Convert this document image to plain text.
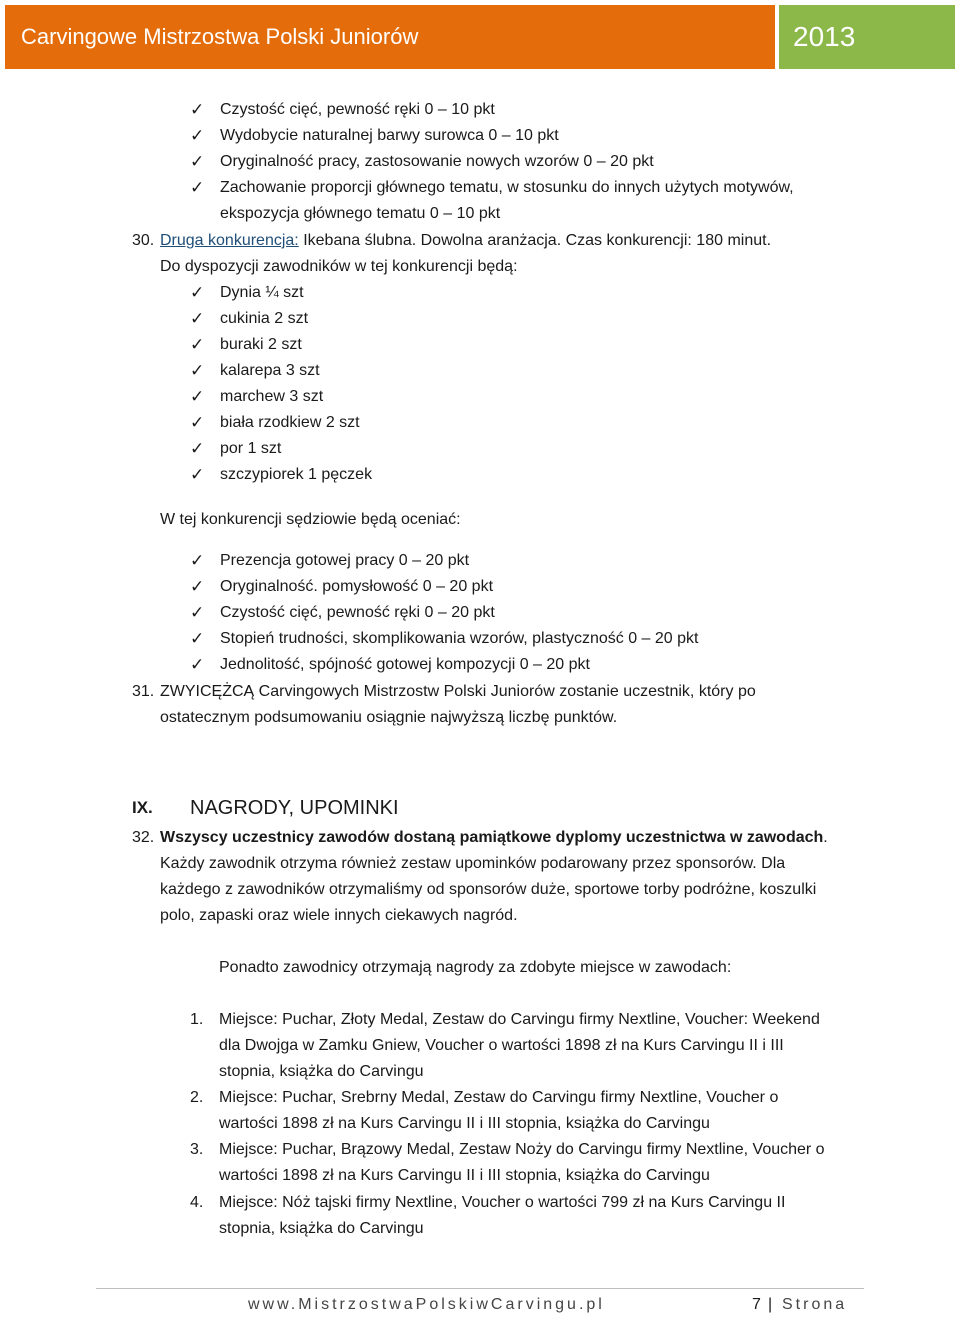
Carvingowe Mistrzostwa Polski Juniorów	2013
✓ Czystość cięć, pewność ręki 0 – 10 pkt
✓ Wydobycie naturalnej barwy surowca 0 – 10 pkt
✓ Oryginalność pracy, zastosowanie nowych wzorów 0 – 20 pkt
✓ Zachowanie proporcji głównego tematu, w stosunku do innych użytych motywów,
ekspozycja głównego tematu 0 – 10 pkt
30. Druga konkurencja: Ikebana ślubna. Dowolna aranżacja. Czas konkurencji: 180 minut.
Do dyspozycji zawodników w tej konkurencji będą:
✓ Dynia ¼ szt
✓ cukinia 2 szt
✓ buraki 2 szt
✓ kalarepa 3 szt
✓ marchew 3 szt
✓ biała rzodkiew 2 szt
✓ por 1 szt
✓ szczypiorek 1 pęczek
W tej konkurencji sędziowie będą oceniać:
✓ Prezencja gotowej pracy 0 – 20 pkt
✓ Oryginalność. pomysłowość 0 – 20 pkt
✓ Czystość cięć, pewność ręki 0 – 20 pkt
✓ Stopień trudności, skomplikowania wzorów, plastyczność 0 – 20 pkt
✓ Jednolitość, spójność gotowej kompozycji 0 – 20 pkt
31. ZWYICĘŻCĄ Carvingowych Mistrzostw Polski Juniorów zostanie uczestnik, który po
ostatecznym podsumowaniu osiągnie najwyższą liczbę punktów.
IX. NAGRODY, UPOMINKI
32. Wszyscy uczestnicy zawodów dostaną pamiątkowe dyplomy uczestnictwa w zawodach.
Każdy zawodnik otrzyma również zestaw upominków podarowany przez sponsorów. Dla
każdego z zawodników otrzymaliśmy od sponsorów duże, sportowe torby podróżne, koszulki
polo, zapaski oraz wiele innych ciekawych nagród.
Ponadto zawodnicy otrzymają nagrody za zdobyte miejsce w zawodach:
1. Miejsce: Puchar, Złoty Medal, Zestaw do Carvingu firmy Nextline, Voucher: Weekend
dla Dwojga w Zamku Gniew, Voucher o wartości 1898 zł na Kurs Carvingu II i III
stopnia, książka do Carvingu
2. Miejsce: Puchar, Srebrny Medal, Zestaw do Carvingu firmy Nextline, Voucher o
wartości 1898 zł na Kurs Carvingu II i III stopnia, książka do Carvingu
3. Miejsce: Puchar, Brązowy Medal, Zestaw Noży do Carvingu firmy Nextline, Voucher o
wartości 1898 zł na Kurs Carvingu II i III stopnia, książka do Carvingu
4. Miejsce: Nóż tajski firmy Nextline, Voucher o wartości 799 zł na Kurs Carvingu II
stopnia, książka do Carvingu
www.MistrzostwaPolskiwCarvingu.pl	7 | Strona
